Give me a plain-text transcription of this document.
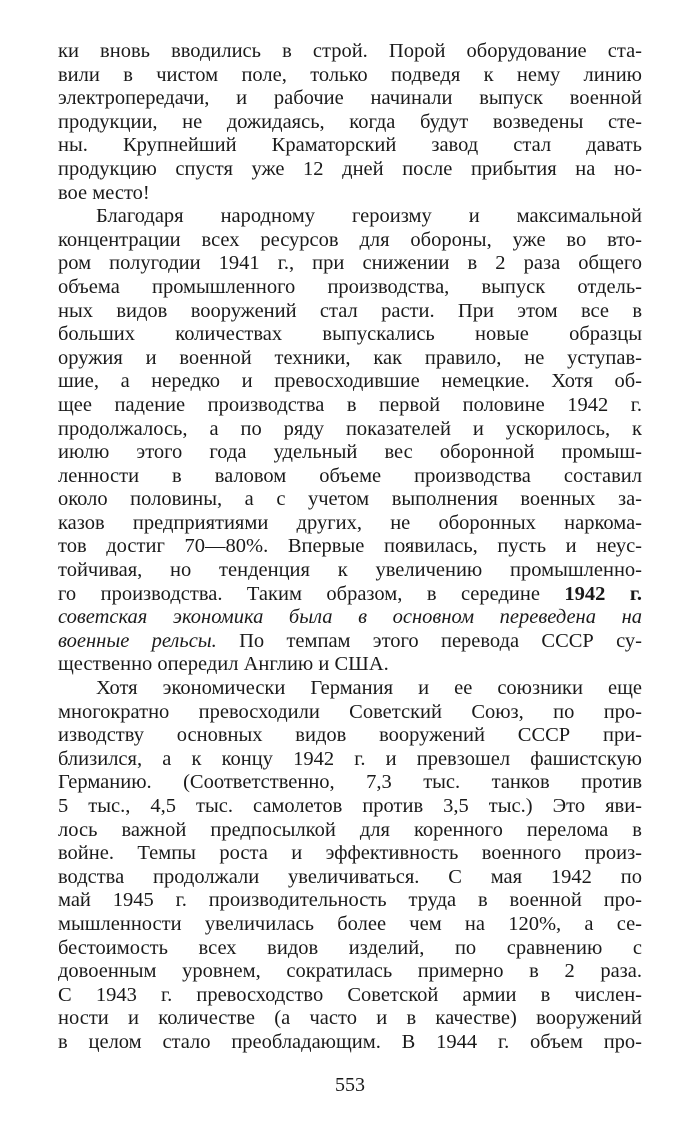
ки вновь вводились в строй. Порой оборудование ста-
вили в чистом поле, только подведя к нему линию
электропередачи, и рабочие начинали выпуск военной
продукции, не дожидаясь, когда будут возведены сте-
ны. Крупнейший Краматорский завод стал давать
продукцию спустя уже 12 дней после прибытия на но-
вое место!
Благодаря народному героизму и максимальной
концентрации всех ресурсов для обороны, уже во вто-
ром полугодии 1941 г., при снижении в 2 раза общего
объема промышленного производства, выпуск отдель-
ных видов вооружений стал расти. При этом все в
больших количествах выпускались новые образцы
оружия и военной техники, как правило, не уступав-
шие, а нередко и превосходившие немецкие. Хотя об-
щее падение производства в первой половине 1942 г.
продолжалось, а по ряду показателей и ускорилось, к
июлю этого года удельный вес оборонной промыш-
ленности в валовом объеме производства составил
около половины, а с учетом выполнения военных за-
казов предприятиями других, не оборонных наркома-
тов достиг 70—80%. Впервые появилась, пусть и неус-
тойчивая, но тенденция к увеличению промышленно-
го производства. Таким образом, в середине 1942 г.
советская экономика была в основном переведена на
военные рельсы. По темпам этого перевода СССР су-
щественно опередил Англию и США.
Хотя экономически Германия и ее союзники еще
многократно превосходили Советский Союз, по про-
изводству основных видов вооружений СССР при-
близился, а к концу 1942 г. и превзошел фашистскую
Германию. (Соответственно, 7,3 тыс. танков против
5 тыс., 4,5 тыс. самолетов против 3,5 тыс.) Это яви-
лось важной предпосылкой для коренного перелома в
войне. Темпы роста и эффективность военного произ-
водства продолжали увеличиваться. С мая 1942 по
май 1945 г. производительность труда в военной про-
мышленности увеличилась более чем на 120%, а се-
бестоимость всех видов изделий, по сравнению с
довоенным уровнем, сократилась примерно в 2 раза.
С 1943 г. превосходство Советской армии в числен-
ности и количестве (а часто и в качестве) вооружений
в целом стало преобладающим. В 1944 г. объем про-
553
